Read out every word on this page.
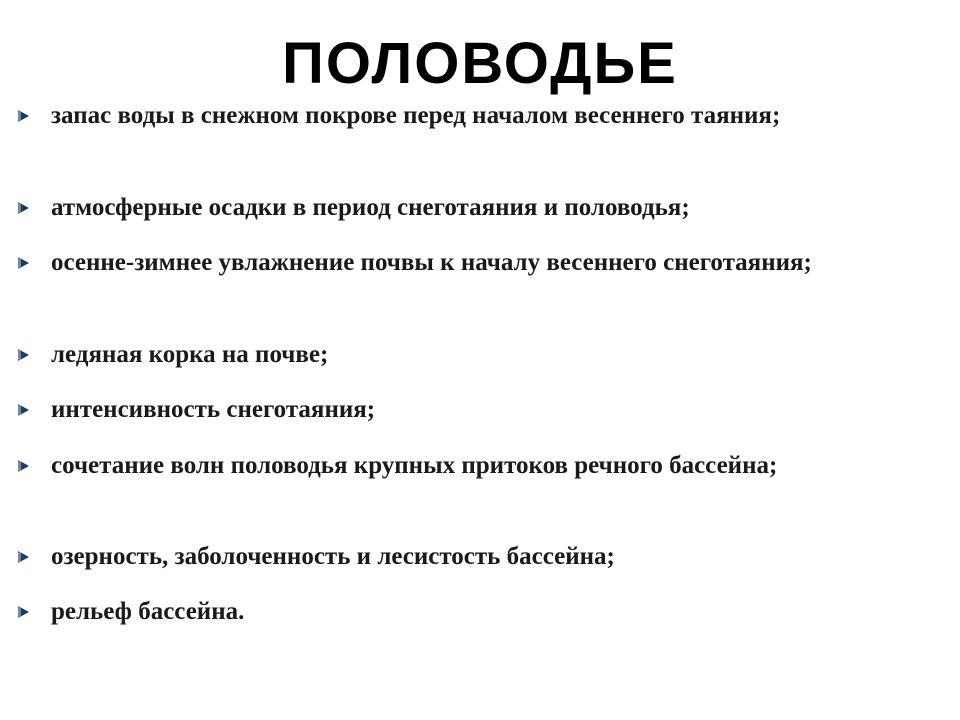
ПОЛОВОДЬЕ
запас воды в снежном покрове перед началом весеннего таяния;
атмосферные осадки в период снеготаяния и половодья;
осенне-зимнее увлажнение почвы к началу весеннего снеготаяния;
ледяная корка на почве;
интенсивность снеготаяния;
сочетание волн половодья крупных притоков речного бассейна;
озерность, заболоченность и лесистость бассейна;
рельеф бассейна.
